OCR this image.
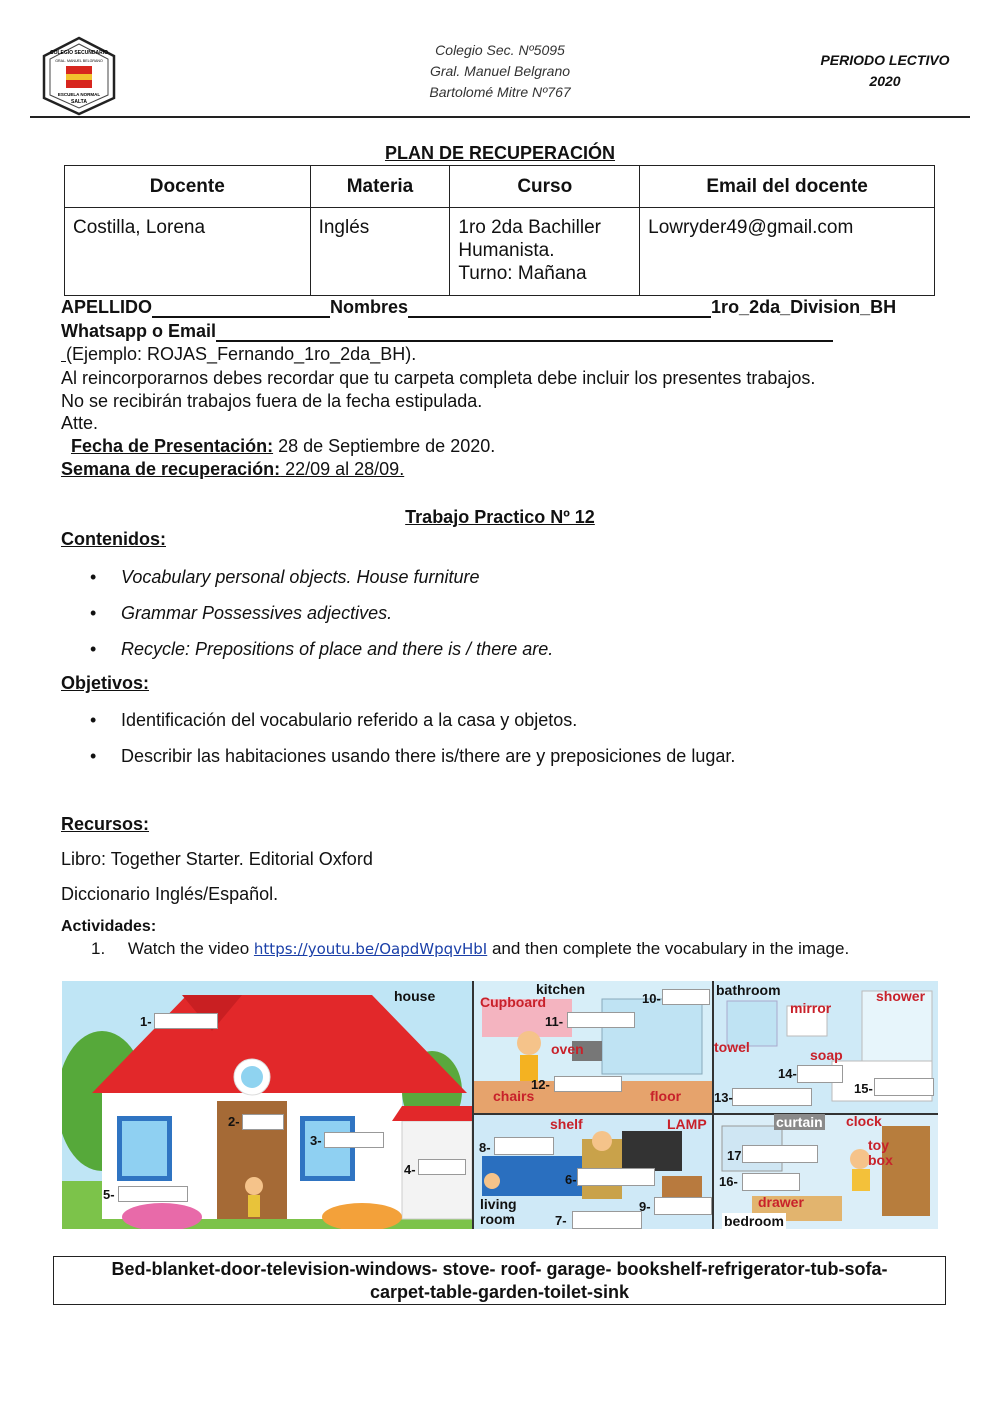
COLEGIO SECUNDARIO
GRAL. MANUEL BELGRANO
ESCUELA NORMAL
SALTA
Colegio Sec. Nº5095
Gral. Manuel Belgrano
Bartolomé Mitre Nº767
PERIODO LECTIVO
2020
PLAN DE RECUPERACIÓN
Docente	Materia	Curso	Email del docente
Costilla, Lorena	Inglés	1ro 2da Bachiller
Humanista.
Turno: Mañana	Lowryder49@gmail.com
APELLIDO	Nombres	1ro_2da_Division_BH
Whatsapp o Email
(Ejemplo: ROJAS_Fernando_1ro_2da_BH).
Al reincorporarnos debes recordar que tu carpeta completa debe incluir los presentes trabajos.
No se recibirán trabajos fuera de la fecha estipulada.
Atte.
Fecha de Presentación: 28 de Septiembre de 2020.
Semana de recuperación: 22/09 al 28/09.
Trabajo Practico Nº 12
Contenidos:
• Vocabulary personal objects. House furniture
• Grammar Possessives adjectives.
• Recycle: Prepositions of place and there is / there are.
Objetivos:
• Identificación del vocabulario referido a la casa y objetos.
• Describir las habitaciones usando there is/there are y preposiciones de lugar.
Recursos:
Libro: Together Starter. Editorial Oxford
Diccionario Inglés/Español.
Actividades:
1. Watch the video https://youtu.be/OapdWpqvHbI and then complete the vocabulary in the image.
1-
2-
3-
4-
5-
6-
7-
8-
9-
10-
11-
12-
13-
14-
15-
16-
17
house	kitchen
Cupboard
oven
chairs	floor
bathroom
mirror
shower
towel	soap
shelf	LAMP
living
room
curtain clock
toy
box
drawer
bedroom
Bed-blanket-door-television-windows- stove- roof- garage- bookshelf-refrigerator-tub-sofa-
carpet-table-garden-toilet-sink
